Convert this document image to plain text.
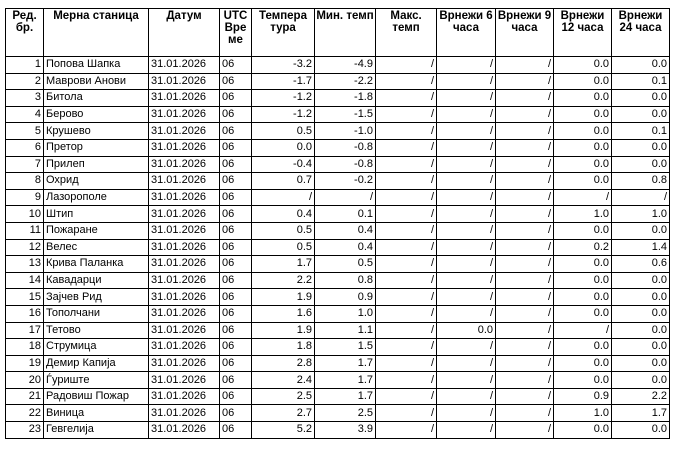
Ред. бр.	Мерна станица	Датум	UTC Вре ме	Темпера тура	Мин. темп	Макс. темп	Врнежи 6 часа	Врнежи 9 часа	Врнежи 12 часа	Врнежи 24 часа
1	Попова Шапка	31.01.2026	06	-3.2	-4.9	/	/	/	0.0	0.0
2	Маврови Анови	31.01.2026	06	-1.7	-2.2	/	/	/	0.0	0.1
3	Битола	31.01.2026	06	-1.2	-1.8	/	/	/	0.0	0.0
4	Берово	31.01.2026	06	-1.2	-1.5	/	/	/	0.0	0.0
5	Крушево	31.01.2026	06	0.5	-1.0	/	/	/	0.0	0.1
6	Претор	31.01.2026	06	0.0	-0.8	/	/	/	0.0	0.0
7	Прилеп	31.01.2026	06	-0.4	-0.8	/	/	/	0.0	0.0
8	Охрид	31.01.2026	06	0.7	-0.2	/	/	/	0.0	0.8
9	Лазорополе	31.01.2026	06	/	/	/	/	/	/	/
10	Штип	31.01.2026	06	0.4	0.1	/	/	/	1.0	1.0
11	Пожаране	31.01.2026	06	0.5	0.4	/	/	/	0.0	0.0
12	Велес	31.01.2026	06	0.5	0.4	/	/	/	0.2	1.4
13	Крива Паланка	31.01.2026	06	1.7	0.5	/	/	/	0.0	0.6
14	Кавадарци	31.01.2026	06	2.2	0.8	/	/	/	0.0	0.0
15	Зајчев Рид	31.01.2026	06	1.9	0.9	/	/	/	0.0	0.0
16	Тополчани	31.01.2026	06	1.6	1.0	/	/	/	0.0	0.0
17	Тетово	31.01.2026	06	1.9	1.1	/	0.0	/	/	0.0
18	Струмица	31.01.2026	06	1.8	1.5	/	/	/	0.0	0.0
19	Демир Капија	31.01.2026	06	2.8	1.7	/	/	/	0.0	0.0
20	Ѓуриште	31.01.2026	06	2.4	1.7	/	/	/	0.0	0.0
21	Радовиш Пожар	31.01.2026	06	2.5	1.7	/	/	/	0.9	2.2
22	Виница	31.01.2026	06	2.7	2.5	/	/	/	1.0	1.7
23	Гевгелија	31.01.2026	06	5.2	3.9	/	/	/	0.0	0.0
